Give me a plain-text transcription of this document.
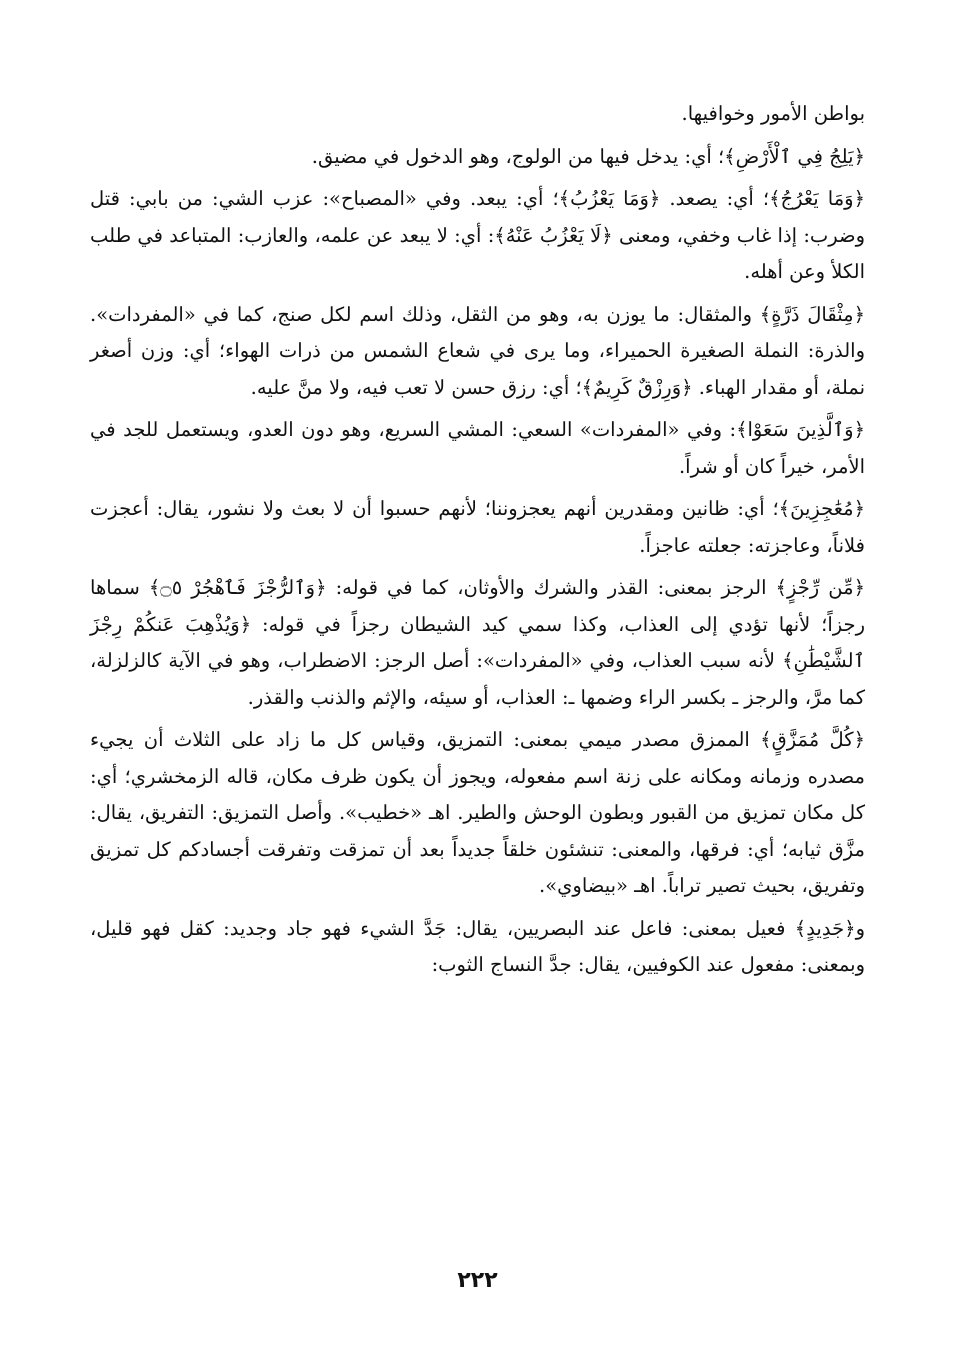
بواطن الأمور وخوافيها.

﴿يَلِجُ فِي ٱلْأَرْضِ﴾؛ أي: يدخل فيها من الولوج، وهو الدخول في مضيق.

﴿وَمَا يَعْرُجُ﴾؛ أي: يصعد. ﴿وَمَا يَعْزُبُ﴾؛ أي: يبعد. وفي «المصباح»: عزب الشي: من بابي: قتل وضرب: إذا غاب وخفي، ومعنى ﴿لَا يَعْزُبُ عَنْهُ﴾: أي: لا يبعد عن علمه، والعازب: المتباعد في طلب الكلأ وعن أهله.

﴿مِثْقَالَ ذَرَّةٍ﴾ والمثقال: ما يوزن به، وهو من الثقل، وذلك اسم لكل صنج، كما في «المفردات». والذرة: النملة الصغيرة الحميراء، وما يرى في شعاع الشمس من ذرات الهواء؛ أي: وزن أصغر نملة، أو مقدار الهباء. ﴿وَرِزْقٌ كَرِيمٌ﴾؛ أي: رزق حسن لا تعب فيه، ولا منَّ عليه.

﴿وَٱلَّذِينَ سَعَوْا﴾: وفي «المفردات» السعي: المشي السريع، وهو دون العدو، ويستعمل للجد في الأمر، خيراً كان أو شراً.

﴿مُعَٰجِزِينَ﴾؛ أي: ظانين ومقدرين أنهم يعجزوننا؛ لأنهم حسبوا أن لا بعث ولا نشور، يقال: أعجزت فلاناً، وعاجزته: جعلته عاجزاً.

﴿مِّن رِّجْزٍ﴾ الرجز بمعنى: القذر والشرك والأوثان، كما في قوله: ﴿وَٱلرُّجْزَ فَٱهْجُرْ ۝٥﴾ سماها رجزاً؛ لأنها تؤدي إلى العذاب، وكذا سمي كيد الشيطان رجزاً في قوله: ﴿وَيُذْهِبَ عَنكُمْ رِجْزَ ٱلشَّيْطَٰنِ﴾ لأنه سبب العذاب، وفي «المفردات»: أصل الرجز: الاضطراب، وهو في الآية كالزلزلة، كما مرَّ، والرجز ـ بكسر الراء وضمها ـ: العذاب، أو سيئه، والإثم والذنب والقذر.

﴿كُلَّ مُمَزَّقٍ﴾ الممزق مصدر ميمي بمعنى: التمزيق، وقياس كل ما زاد على الثلاث أن يجيء مصدره وزمانه ومكانه على زنة اسم مفعوله، ويجوز أن يكون ظرف مكان، قاله الزمخشري؛ أي: كل مكان تمزيق من القبور وبطون الوحش والطير. اهـ «خطيب». وأصل التمزيق: التفريق، يقال: مزَّق ثيابه؛ أي: فرقها، والمعنى: تنشئون خلقاً جديداً بعد أن تمزقت وتفرقت أجسادكم كل تمزيق وتفريق، بحيث تصير تراباً. اهـ «بيضاوي».

و﴿جَدِيدٍ﴾ فعيل بمعنى: فاعل عند البصريين، يقال: جَدَّ الشيء فهو جاد وجديد: كقل فهو قليل، وبمعنى: مفعول عند الكوفيين، يقال: جدَّ النساج الثوب:

٢٢٢
